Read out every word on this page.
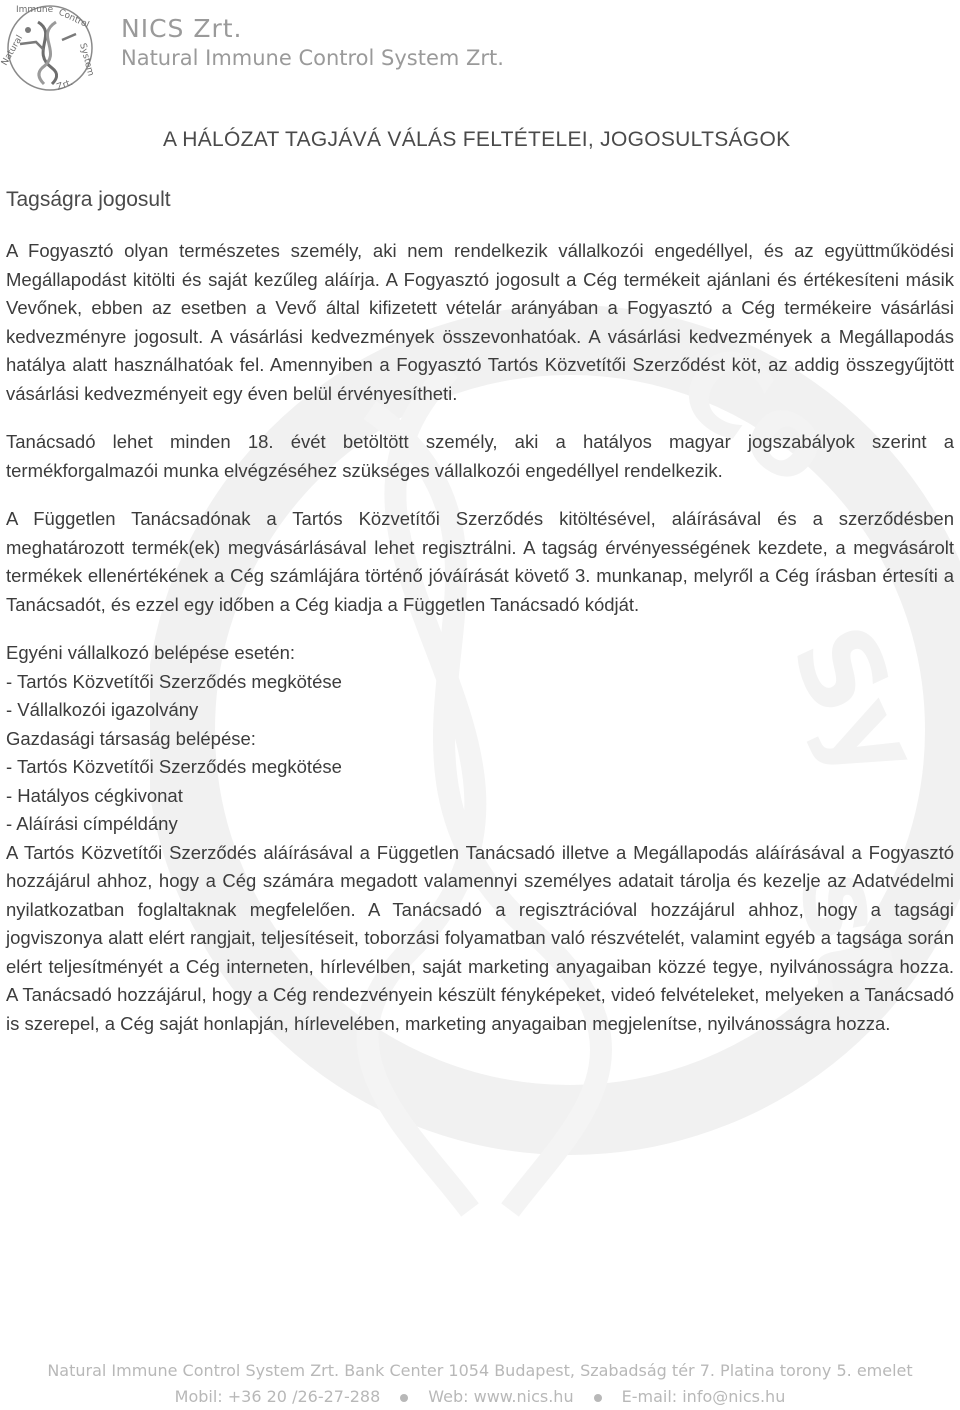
Co
Sy
st
Immune Control
Natural	System
Zrt.
NICS Zrt.
Natural Immune Control System Zrt.
A HÁLÓZAT TAGJÁVÁ VÁLÁS FELTÉTELEI, JOGOSULTSÁGOK
Tagságra jogosult

A Fogyasztó olyan természetes személy, aki nem rendelkezik vállalkozói engedéllyel, és az együttműködési Megállapodást kitölti és saját kezűleg aláírja. A Fogyasztó jogosult a Cég termékeit ajánlani és értékesíteni másik Vevőnek, ebben az esetben a Vevő által kifizetett vételár arányában a Fogyasztó a Cég termékeire vásárlási kedvezményre jogosult. A vásárlási kedvezmények összevonhatóak. A vásárlási kedvezmények a Megállapodás hatálya alatt használhatóak fel. Amennyiben a Fogyasztó Tartós Közvetítői Szerződést köt, az addig összegyűjtött vásárlási kedvezményeit egy éven belül érvényesítheti.

Tanácsadó lehet minden 18. évét betöltött személy, aki a hatályos magyar jogszabályok szerint a termékforgalmazói munka elvégzéséhez szükséges vállalkozói engedéllyel rendelkezik.

A Független Tanácsadónak a Tartós Közvetítői Szerződés kitöltésével, aláírásával és a szerződésben meghatározott termék(ek) megvásárlásával lehet regisztrálni. A tagság érvényességének kezdete, a megvásárolt termékek ellenértékének a Cég számlájára történő jóváírását követő 3. munkanap, melyről a Cég írásban értesíti a Tanácsadót, és ezzel egy időben a Cég kiadja a Független Tanácsadó kódját.

Egyéni vállalkozó belépése esetén:
- Tartós Közvetítői Szerződés megkötése
- Vállalkozói igazolvány
Gazdasági társaság belépése:
- Tartós Közvetítői Szerződés megkötése
- Hatályos cégkivonat
- Aláírási címpéldány

A Tartós Közvetítői Szerződés aláírásával a Független Tanácsadó illetve a Megállapodás aláírásával a Fogyasztó hozzájárul ahhoz, hogy a Cég számára megadott valamennyi személyes adatait tárolja és kezelje az Adatvédelmi nyilatkozatban foglaltaknak megfelelően. A Tanácsadó a regisztrációval hozzájárul ahhoz, hogy a tagsági jogviszonya alatt elért rangjait, teljesítéseit, toborzási folyamatban való részvételét, valamint egyéb a tagsága során elért teljesítményét a Cég interneten, hírlevélben, saját marketing anyagaiban közzé tegye, nyilvánosságra hozza. A Tanácsadó hozzájárul, hogy a Cég rendezvényein készült fényképeket, videó felvételeket, melyeken a Tanácsadó is szerepel, a Cég saját honlapján, hírlevelében, marketing anyagaiban megjelenítse, nyilvánosságra hozza.

Natural Immune Control System Zrt. Bank Center 1054 Budapest, Szabadság tér 7. Platina torony 5. emelet
Mobil: +36 20 /26-27-288	Web: www.nics.hu	E-mail: info@nics.hu
